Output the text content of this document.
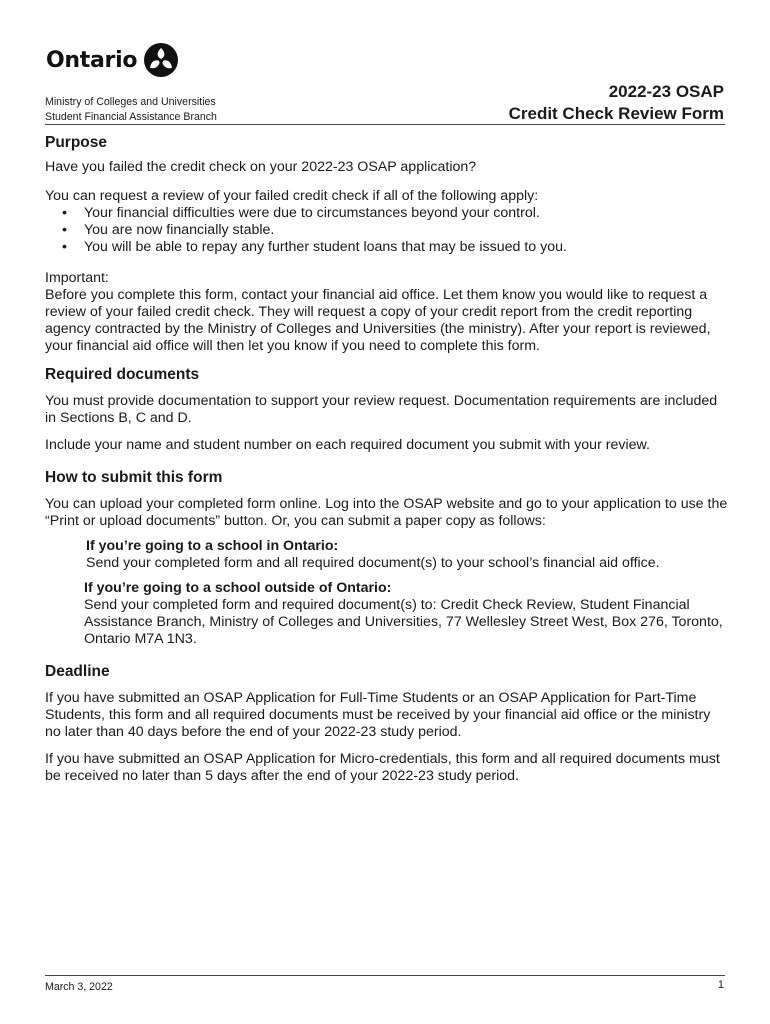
Ontario
Ministry of Colleges and Universities
Student Financial Assistance Branch
2022-23 OSAP
Credit Check Review Form
Purpose

Have you failed the credit check on your 2022-23 OSAP application?

You can request a review of your failed credit check if all of the following apply:

• Your financial difficulties were due to circumstances beyond your control.
• You are now financially stable.
• You will be able to repay any further student loans that may be issued to you.

Important:

Before you complete this form, contact your financial aid office. Let them know you would like to request a review of your failed credit check. They will request a copy of your credit report from the credit reporting agency contracted by the Ministry of Colleges and Universities (the ministry). After your report is reviewed, your financial aid office will then let you know if you need to complete this form.

Required documents

You must provide documentation to support your review request. Documentation requirements are included in Sections B, C and D.

Include your name and student number on each required document you submit with your review.

How to submit this form

You can upload your completed form online. Log into the OSAP website and go to your application to use the “Print or upload documents” button. Or, you can submit a paper copy as follows:

If you’re going to a school in Ontario:

Send your completed form and all required document(s) to your school’s financial aid office.

If you’re going to a school outside of Ontario:

Send your completed form and required document(s) to: Credit Check Review, Student Financial Assistance Branch, Ministry of Colleges and Universities, 77 Wellesley Street West, Box 276, Toronto, Ontario M7A 1N3.

Deadline

If you have submitted an OSAP Application for Full-Time Students or an OSAP Application for Part-Time Students, this form and all required documents must be received by your financial aid office or the ministry no later than 40 days before the end of your 2022-23 study period.

If you have submitted an OSAP Application for Micro-credentials, this form and all required documents must be received no later than 5 days after the end of your 2022-23 study period.

March 3, 2022	1
